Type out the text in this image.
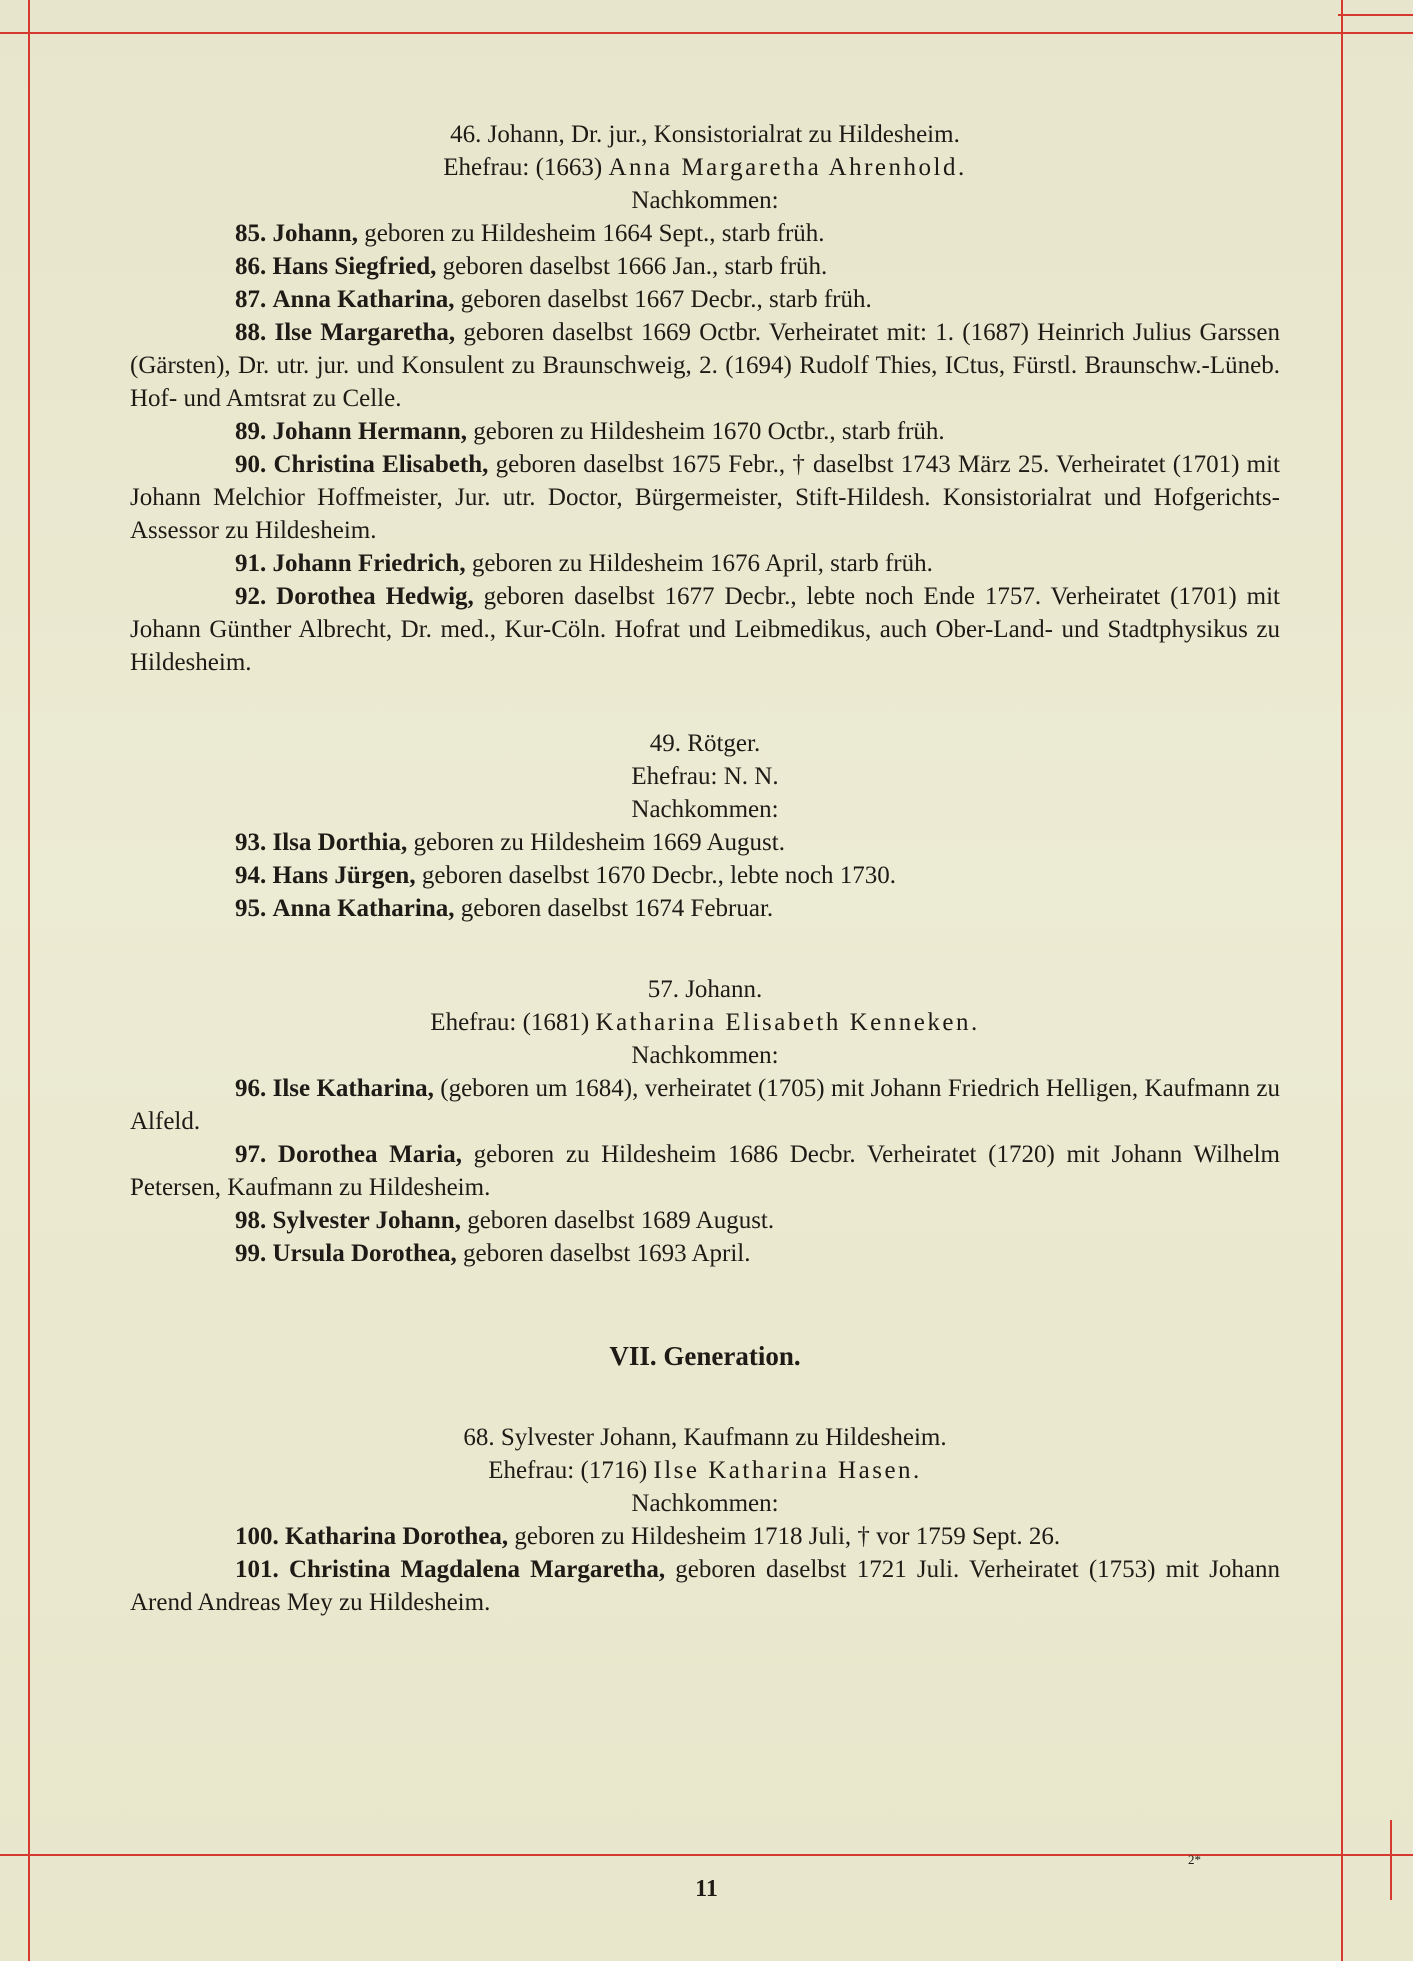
46. Johann, Dr. jur., Konsistorialrat zu Hildesheim.

Ehefrau: (1663) Anna Margaretha Ahrenhold.

Nachkommen:

85. Johann, geboren zu Hildesheim 1664 Sept., starb früh.

86. Hans Siegfried, geboren daselbst 1666 Jan., starb früh.

87. Anna Katharina, geboren daselbst 1667 Decbr., starb früh.

88. Ilse Margaretha, geboren daselbst 1669 Octbr. Verheiratet mit: 1. (1687) Heinrich Julius Garssen (Gärsten), Dr. utr. jur. und Konsulent zu Braunschweig, 2. (1694) Rudolf Thies, ICtus, Fürstl. Braunschw.-Lüneb. Hof- und Amtsrat zu Celle.

89. Johann Hermann, geboren zu Hildesheim 1670 Octbr., starb früh.

90. Christina Elisabeth, geboren daselbst 1675 Febr., † daselbst 1743 März 25. Verheiratet (1701) mit Johann Melchior Hoffmeister, Jur. utr. Doctor, Bürgermeister, Stift-Hildesh. Konsistorialrat und Hofgerichts-Assessor zu Hildesheim.

91. Johann Friedrich, geboren zu Hildesheim 1676 April, starb früh.

92. Dorothea Hedwig, geboren daselbst 1677 Decbr., lebte noch Ende 1757. Verheiratet (1701) mit Johann Günther Albrecht, Dr. med., Kur-Cöln. Hofrat und Leibmedikus, auch Ober-Land- und Stadtphysikus zu Hildesheim.

49. Rötger.

Ehefrau: N. N.

Nachkommen:

93. Ilsa Dorthia, geboren zu Hildesheim 1669 August.

94. Hans Jürgen, geboren daselbst 1670 Decbr., lebte noch 1730.

95. Anna Katharina, geboren daselbst 1674 Februar.

57. Johann.

Ehefrau: (1681) Katharina Elisabeth Kenneken.

Nachkommen:

96. Ilse Katharina, (geboren um 1684), verheiratet (1705) mit Johann Friedrich Helligen, Kaufmann zu Alfeld.

97. Dorothea Maria, geboren zu Hildesheim 1686 Decbr. Verheiratet (1720) mit Johann Wilhelm Petersen, Kaufmann zu Hildesheim.

98. Sylvester Johann, geboren daselbst 1689 August.

99. Ursula Dorothea, geboren daselbst 1693 April.

VII. Generation.

68. Sylvester Johann, Kaufmann zu Hildesheim.

Ehefrau: (1716) Ilse Katharina Hasen.

Nachkommen:

100. Katharina Dorothea, geboren zu Hildesheim 1718 Juli, † vor 1759 Sept. 26.

101. Christina Magdalena Margaretha, geboren daselbst 1721 Juli. Verheiratet (1753) mit Johann Arend Andreas Mey zu Hildesheim.

11
2*
